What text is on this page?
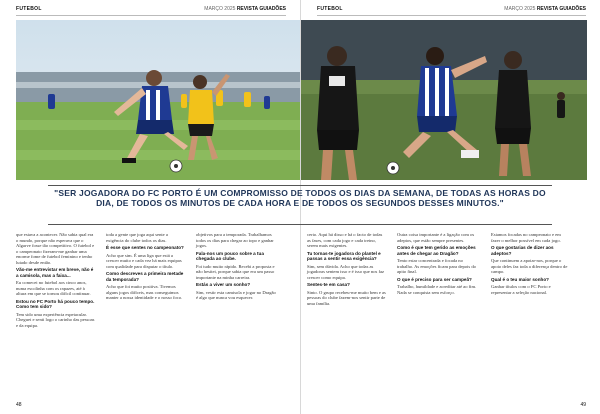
FUTEBOL	MARÇO 2025 REVISTA GUIADÕES

que estava a acontecer. Não sabia qual era o mundo, porque não esperava que o Algarve fosse tão competitivo. O futebol e o campeonato fizeram-me ganhar uma enorme fome de futebol feminino e tenho lutado desde então.

Vão-me entrevistar em breve, não é a camisola, mas a faixa...

Eu comecei no futebol aos cinco anos, numa escolinha com os rapazes, até à altura em que se tornou difícil continuar.

Estou no FC Porto há pouco tempo. Como tem sido?

Tem sido uma experiência espetacular. Cheguei e senti logo o carinho das pessoas e da equipa.

toda a gente que joga aqui sente a exigência do clube todos os dias.

É esse que sentes no campeonato?

Acho que sim. É uma liga que está a crescer muito e cada vez há mais equipas com qualidade para disputar o título.

Como descreves a primeira metade da temporada?

Acho que foi muito positiva. Tivemos alguns jogos difíceis, mas conseguimos manter a nossa identidade e o nosso foco.

objetivos para a temporada. Trabalhamos todos os dias para chegar ao topo e ganhar jogos.

Fala-nos um pouco sobre a tua chegada ao clube.

Foi tudo muito rápido. Recebi a proposta e não hesitei, porque sabia que era um passo importante na minha carreira.

Estás a viver um sonho?

Sim, vestir esta camisola e jogar no Dragão é algo que nunca vou esquecer.

48
FUTEBOL	MARÇO 2025 REVISTA GUIADÕES

certo. Aqui há disso e há o facto de todas as fases, com cada jogo e cada treino, serem mais exigentes.

Tu tornas-te jogadora do plantel e passas a sentir essa exigência?

Sim, sem dúvida. Acho que todas as jogadoras sentem isso e é isso que nos faz crescer como equipa.

Sentes-te em casa?

Sinto. O grupo recebeu-me muito bem e as pessoas do clube fazem-nos sentir parte de uma família.

Outra coisa importante é a ligação com os adeptos, que estão sempre presentes.

Como é que tem gerido as emoções antes de chegar ao Dragão?

Tento estar concentrada e focada no trabalho. As emoções ficam para depois do apito final.

O que é preciso para ser campeã?

Trabalho, humildade e acreditar até ao fim. Nada se conquista sem esforço.

Estamos focadas no campeonato e em fazer o melhor possível em cada jogo.

O que gostarias de dizer aos adeptos?

Que continuem a apoiar-nos, porque o apoio deles faz toda a diferença dentro de campo.

Qual é o teu maior sonho?

Ganhar títulos com o FC Porto e representar a seleção nacional.

49
"SER JOGADORA DO FC PORTO É UM COMPROMISSO DE TODOS OS DIAS DA SEMANA, DE TODAS AS HORAS DO DIA, DE TODOS OS MINUTOS DE CADA HORA E DE TODOS OS SEGUNDOS DESSES MINUTOS."
